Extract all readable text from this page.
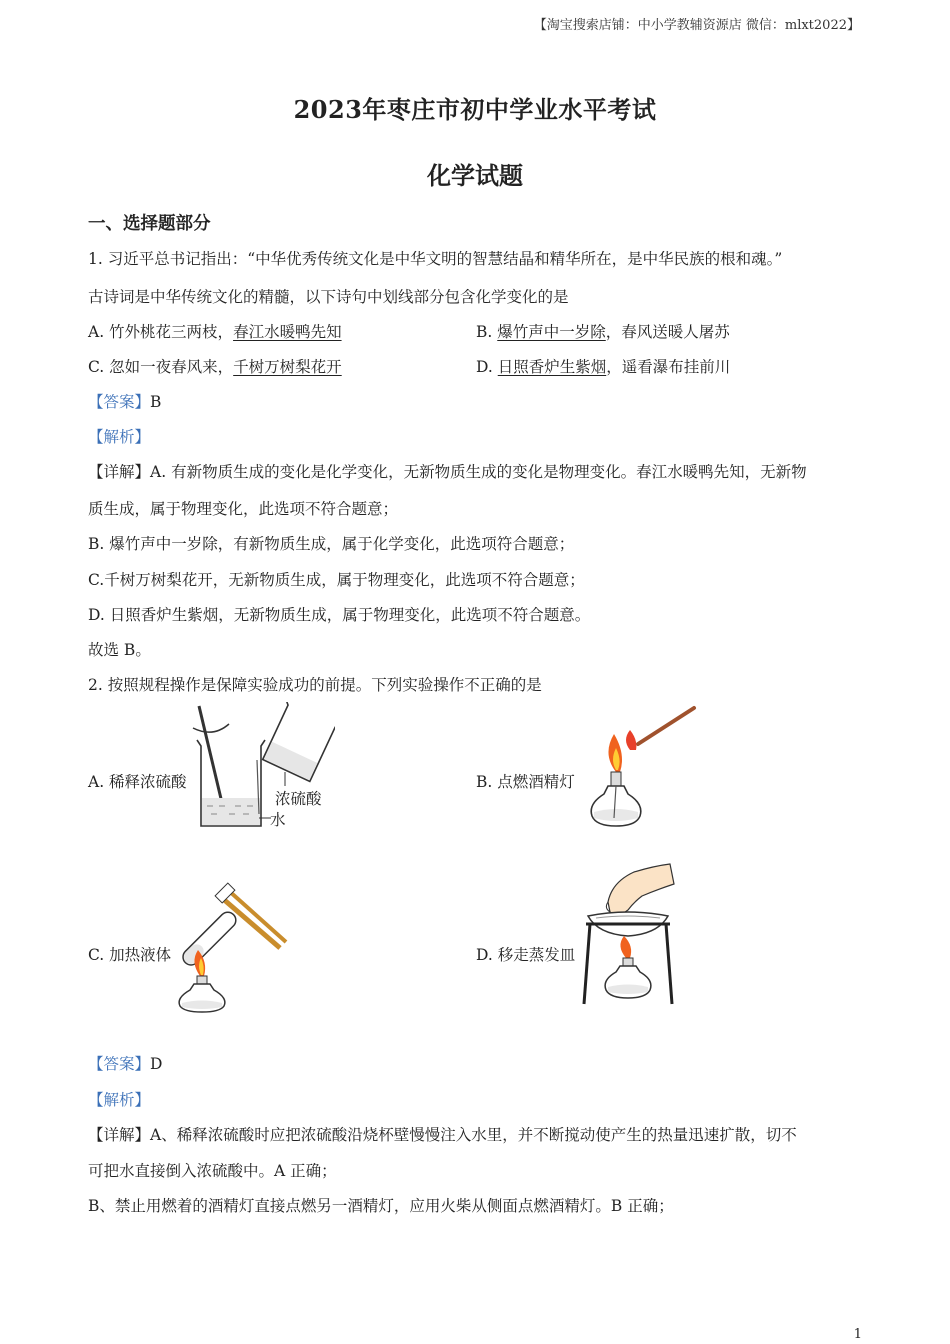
【淘宝搜索店铺：中小学教辅资源店 微信：mlxt2022】
2023年枣庄市初中学业水平考试
化学试题
一、选择题部分
1. 习近平总书记指出：“中华优秀传统文化是中华文明的智慧结晶和精华所在，是中华民族的根和魂。”
古诗词是中华传统文化的精髓，以下诗句中划线部分包含化学变化的是
A. 竹外桃花三两枝，春江水暖鸭先知	B. 爆竹声中一岁除，春风送暖人屠苏
C. 忽如一夜春风来，千树万树梨花开	D. 日照香炉生紫烟，遥看瀑布挂前川
【答案】B
【解析】
【详解】A. 有新物质生成的变化是化学变化，无新物质生成的变化是物理变化。春江水暖鸭先知，无新物
质生成，属于物理变化，此选项不符合题意；
B. 爆竹声中一岁除，有新物质生成，属于化学变化，此选项符合题意；
C.千树万树梨花开，无新物质生成，属于物理变化，此选项不符合题意；
D. 日照香炉生紫烟，无新物质生成，属于物理变化，此选项不符合题意。
故选 B。
2. 按照规程操作是保障实验成功的前提。下列实验操作不正确的是
A. 稀释浓硫酸
浓硫酸
水
B. 点燃酒精灯
C. 加热液体	D. 移走蒸发皿
【答案】D
【解析】
【详解】A、稀释浓硫酸时应把浓硫酸沿烧杯壁慢慢注入水里，并不断搅动使产生的热量迅速扩散，切不
可把水直接倒入浓硫酸中。A 正确；
B、禁止用燃着的酒精灯直接点燃另一酒精灯，应用火柴从侧面点燃酒精灯。B 正确；
1
